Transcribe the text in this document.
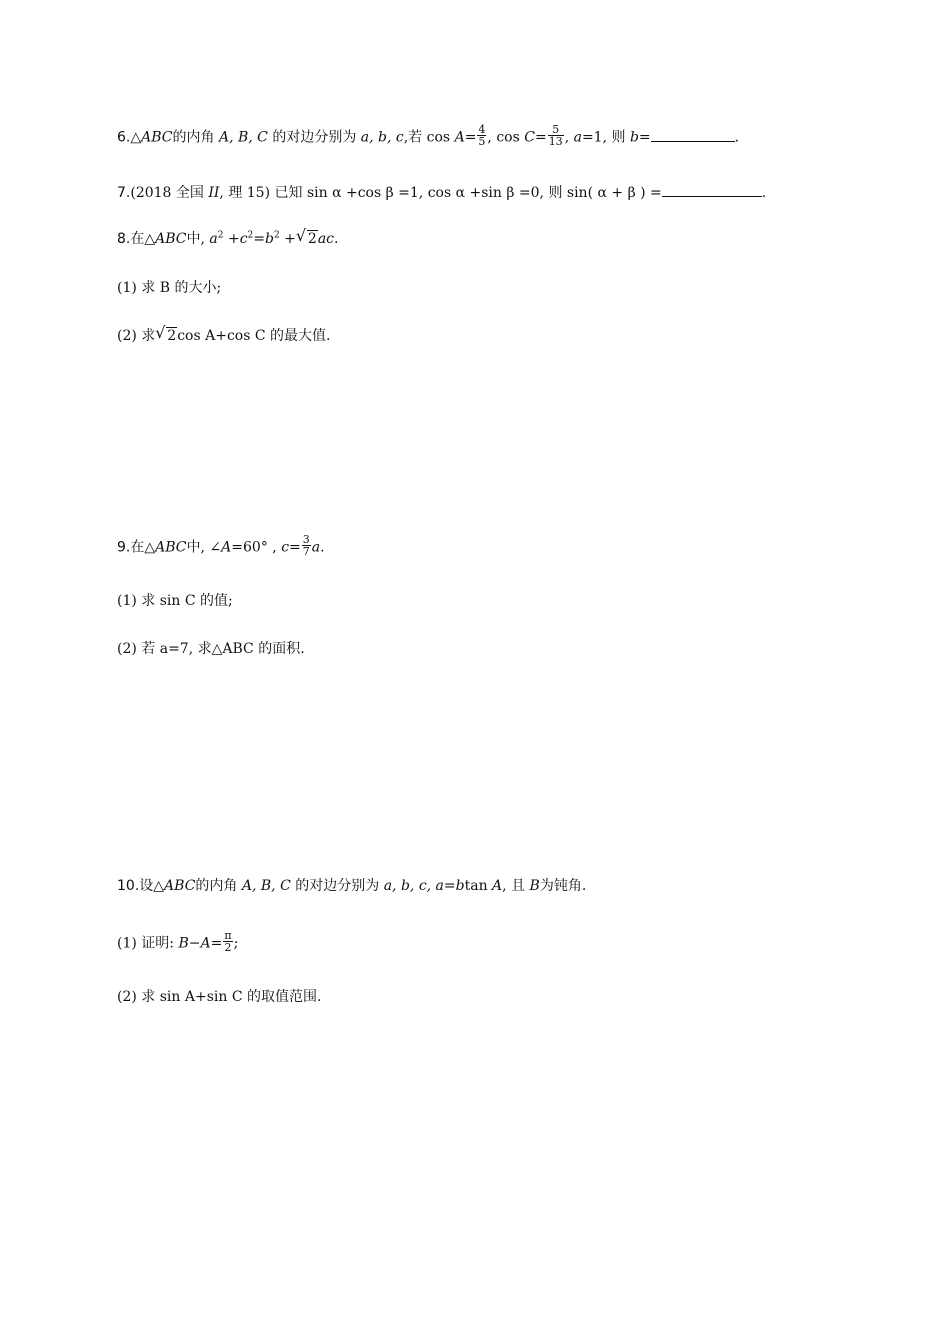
6.△ABC的内角 A, B, C 的对边分别为 a, b, c,若 $\cos A= \frac{4}{5}$ , $\cos C= \frac{5}{13}$ , a=1, 则 b=	.
7.(2018 全国 II, 理 15) 已知 sin α +cos β =1, cos α +sin β =0, 则 sin( α + β ) =	.
8.在△ABC中, $a^2 +c^2=b^2$ + √ 2ac.
(1) 求 B 的大小;
(2) 求 √ 2cos A+cos C 的最大值.
9.在△ABC中, ∠A=60° , $c= \frac{3}{7} a$.
(1) 求 sin C 的值;
(2) 若 a=7, 求△ABC 的面积.
10.设△ABC的内角 A, B, C 的对边分别为 a, b, c, a=btan A, 且 B为钝角.
(1) 证明: $B-A= \frac{\pi}{2}$ ;
(2) 求 sin A+sin C 的取值范围.
